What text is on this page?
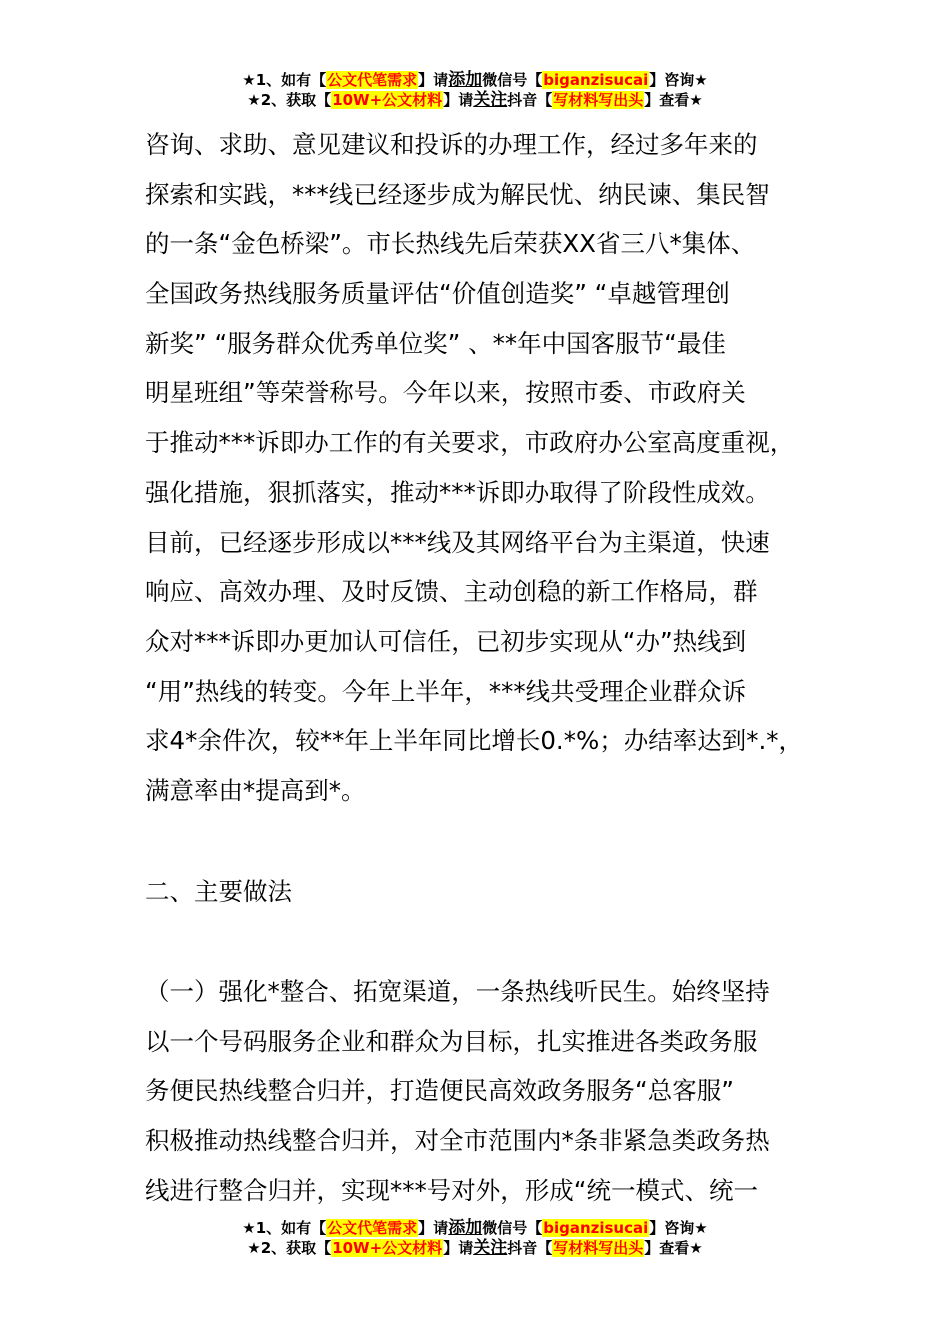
★1、如有【公文代笔需求】请添加微信号【biganzisucai】咨询★
★2、获取【10W+公文材料】请关注抖音【写材料写出头】查看★
咨询、求助、意见建议和投诉的办理工作，经过多年来的
探索和实践，***线已经逐步成为解民忧、纳民谏、集民智
的一条“金色桥梁”。市长热线先后荣获XX省三八*集体、
全国政务热线服务质量评估“价值创造奖” “卓越管理创
新奖” “服务群众优秀单位奖” 、**年中国客服节“最佳
明星班组”等荣誉称号。今年以来，按照市委、市政府关
于推动***诉即办工作的有关要求，市政府办公室高度重视，
强化措施，狠抓落实，推动***诉即办取得了阶段性成效。
目前，已经逐步形成以***线及其网络平台为主渠道，快速
响应、高效办理、及时反馈、主动创稳的新工作格局，群
众对***诉即办更加认可信任，已初步实现从“办”热线到
“用”热线的转变。今年上半年，***线共受理企业群众诉
求4*余件次，较**年上半年同比增长0.*%；办结率达到*.*，
满意率由*提高到*。
二、主要做法
（一）强化*整合、拓宽渠道，一条热线听民生。始终坚持
以一个号码服务企业和群众为目标，扎实推进各类政务服
务便民热线整合归并，打造便民高效政务服务“总客服”
积极推动热线整合归并，对全市范围内*条非紧急类政务热
线进行整合归并，实现***号对外，形成“统一模式、统一
★1、如有【公文代笔需求】请添加微信号【biganzisucai】咨询★
★2、获取【10W+公文材料】请关注抖音【写材料写出头】查看★
